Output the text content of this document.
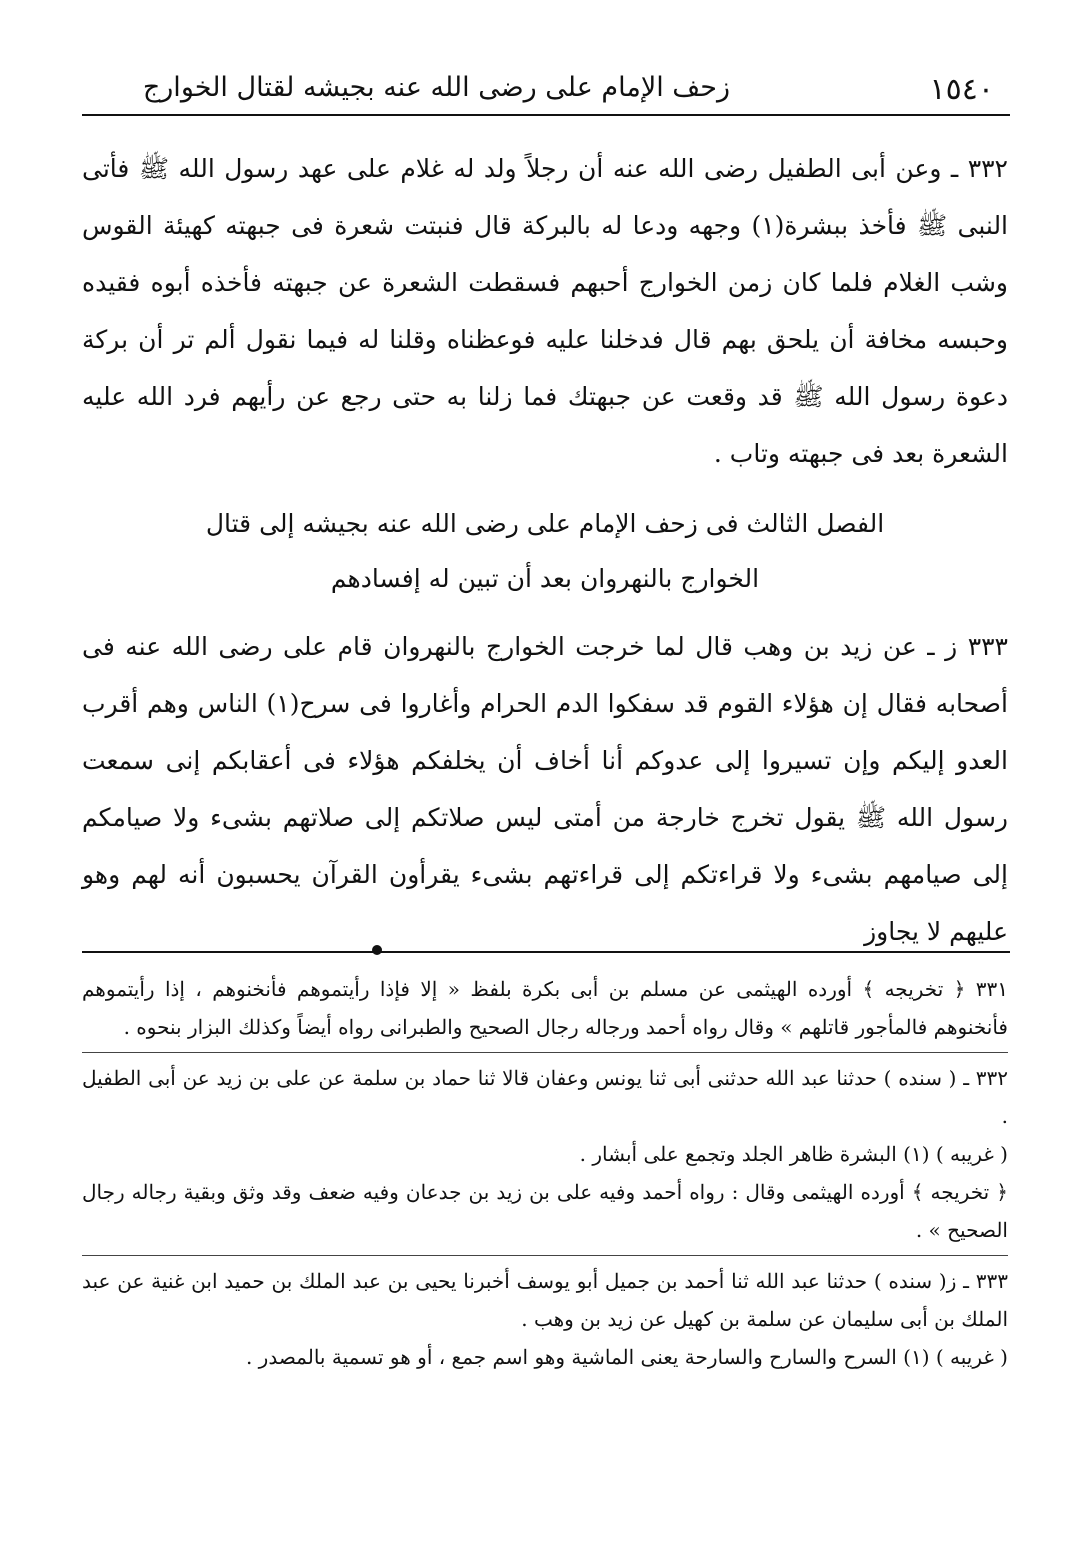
١٥٤٠
زحف الإمام على رضى الله عنه بجيشه لقتال الخوارج

٣٣٢ ـ وعن أبى الطفيل رضى الله عنه أن رجلاً ولد له غلام على عهد رسول الله ﷺ فأتى النبى ﷺ فأخذ ببشرة(١) وجهه ودعا له بالبركة قال فنبتت شعرة فى جبهته كهيئة القوس وشب الغلام فلما كان زمن الخوارج أحبهم فسقطت الشعرة عن جبهته فأخذه أبوه فقيده وحبسه مخافة أن يلحق بهم قال فدخلنا عليه فوعظناه وقلنا له فيما نقول ألم تر أن بركة دعوة رسول الله ﷺ قد وقعت عن جبهتك فما زلنا به حتى رجع عن رأيهم فرد الله عليه الشعرة بعد فى جبهته وتاب .

الفصل الثالث فى زحف الإمام على رضى الله عنه بجيشه إلى قتال
الخوارج بالنهروان بعد أن تبين له إفسادهم

٣٣٣ ز ـ عن زيد بن وهب قال لما خرجت الخوارج بالنهروان قام على رضى الله عنه فى أصحابه فقال إن هؤلاء القوم قد سفكوا الدم الحرام وأغاروا فى سرح(١) الناس وهم أقرب العدو إليكم وإن تسيروا إلى عدوكم أنا أخاف أن يخلفكم هؤلاء فى أعقابكم إنى سمعت رسول الله ﷺ يقول تخرج خارجة من أمتى ليس صلاتكم إلى صلاتهم بشىء ولا صيامكم إلى صيامهم بشىء ولا قراءتكم إلى قراءتهم بشىء يقرأون القرآن يحسبون أنه لهم وهو عليهم لا يجاوز

٣٣١ ﴿ تخريجه ﴾ أورده الهيثمى عن مسلم بن أبى بكرة بلفظ « إلا فإذا رأيتموهم فأنخنوهم ، إذا رأيتموهم فأنخنوهم فالمأجور قاتلهم » وقال رواه أحمد ورجاله رجال الصحيح والطبرانى رواه أيضاً وكذلك البزار بنحوه .

٣٣٢ ـ ( سنده ) حدثنا عبد الله حدثنى أبى ثنا يونس وعفان قالا ثنا حماد بن سلمة عن على بن زيد عن أبى الطفيل .

( غريبه ) (١) البشرة ظاهر الجلد وتجمع على أبشار .

﴿ تخريجه ﴾ أورده الهيثمى وقال : رواه أحمد وفيه على بن زيد بن جدعان وفيه ضعف وقد وثق وبقية رجاله رجال الصحيح » .

٣٣٣ ـ ز( سنده ) حدثنا عبد الله ثنا أحمد بن جميل أبو يوسف أخبرنا يحيى بن عبد الملك بن حميد ابن غنية عن عبد الملك بن أبى سليمان عن سلمة بن كهيل عن زيد بن وهب .

( غريبه ) (١) السرح والسارح والسارحة يعنى الماشية وهو اسم جمع ، أو هو تسمية بالمصدر .
